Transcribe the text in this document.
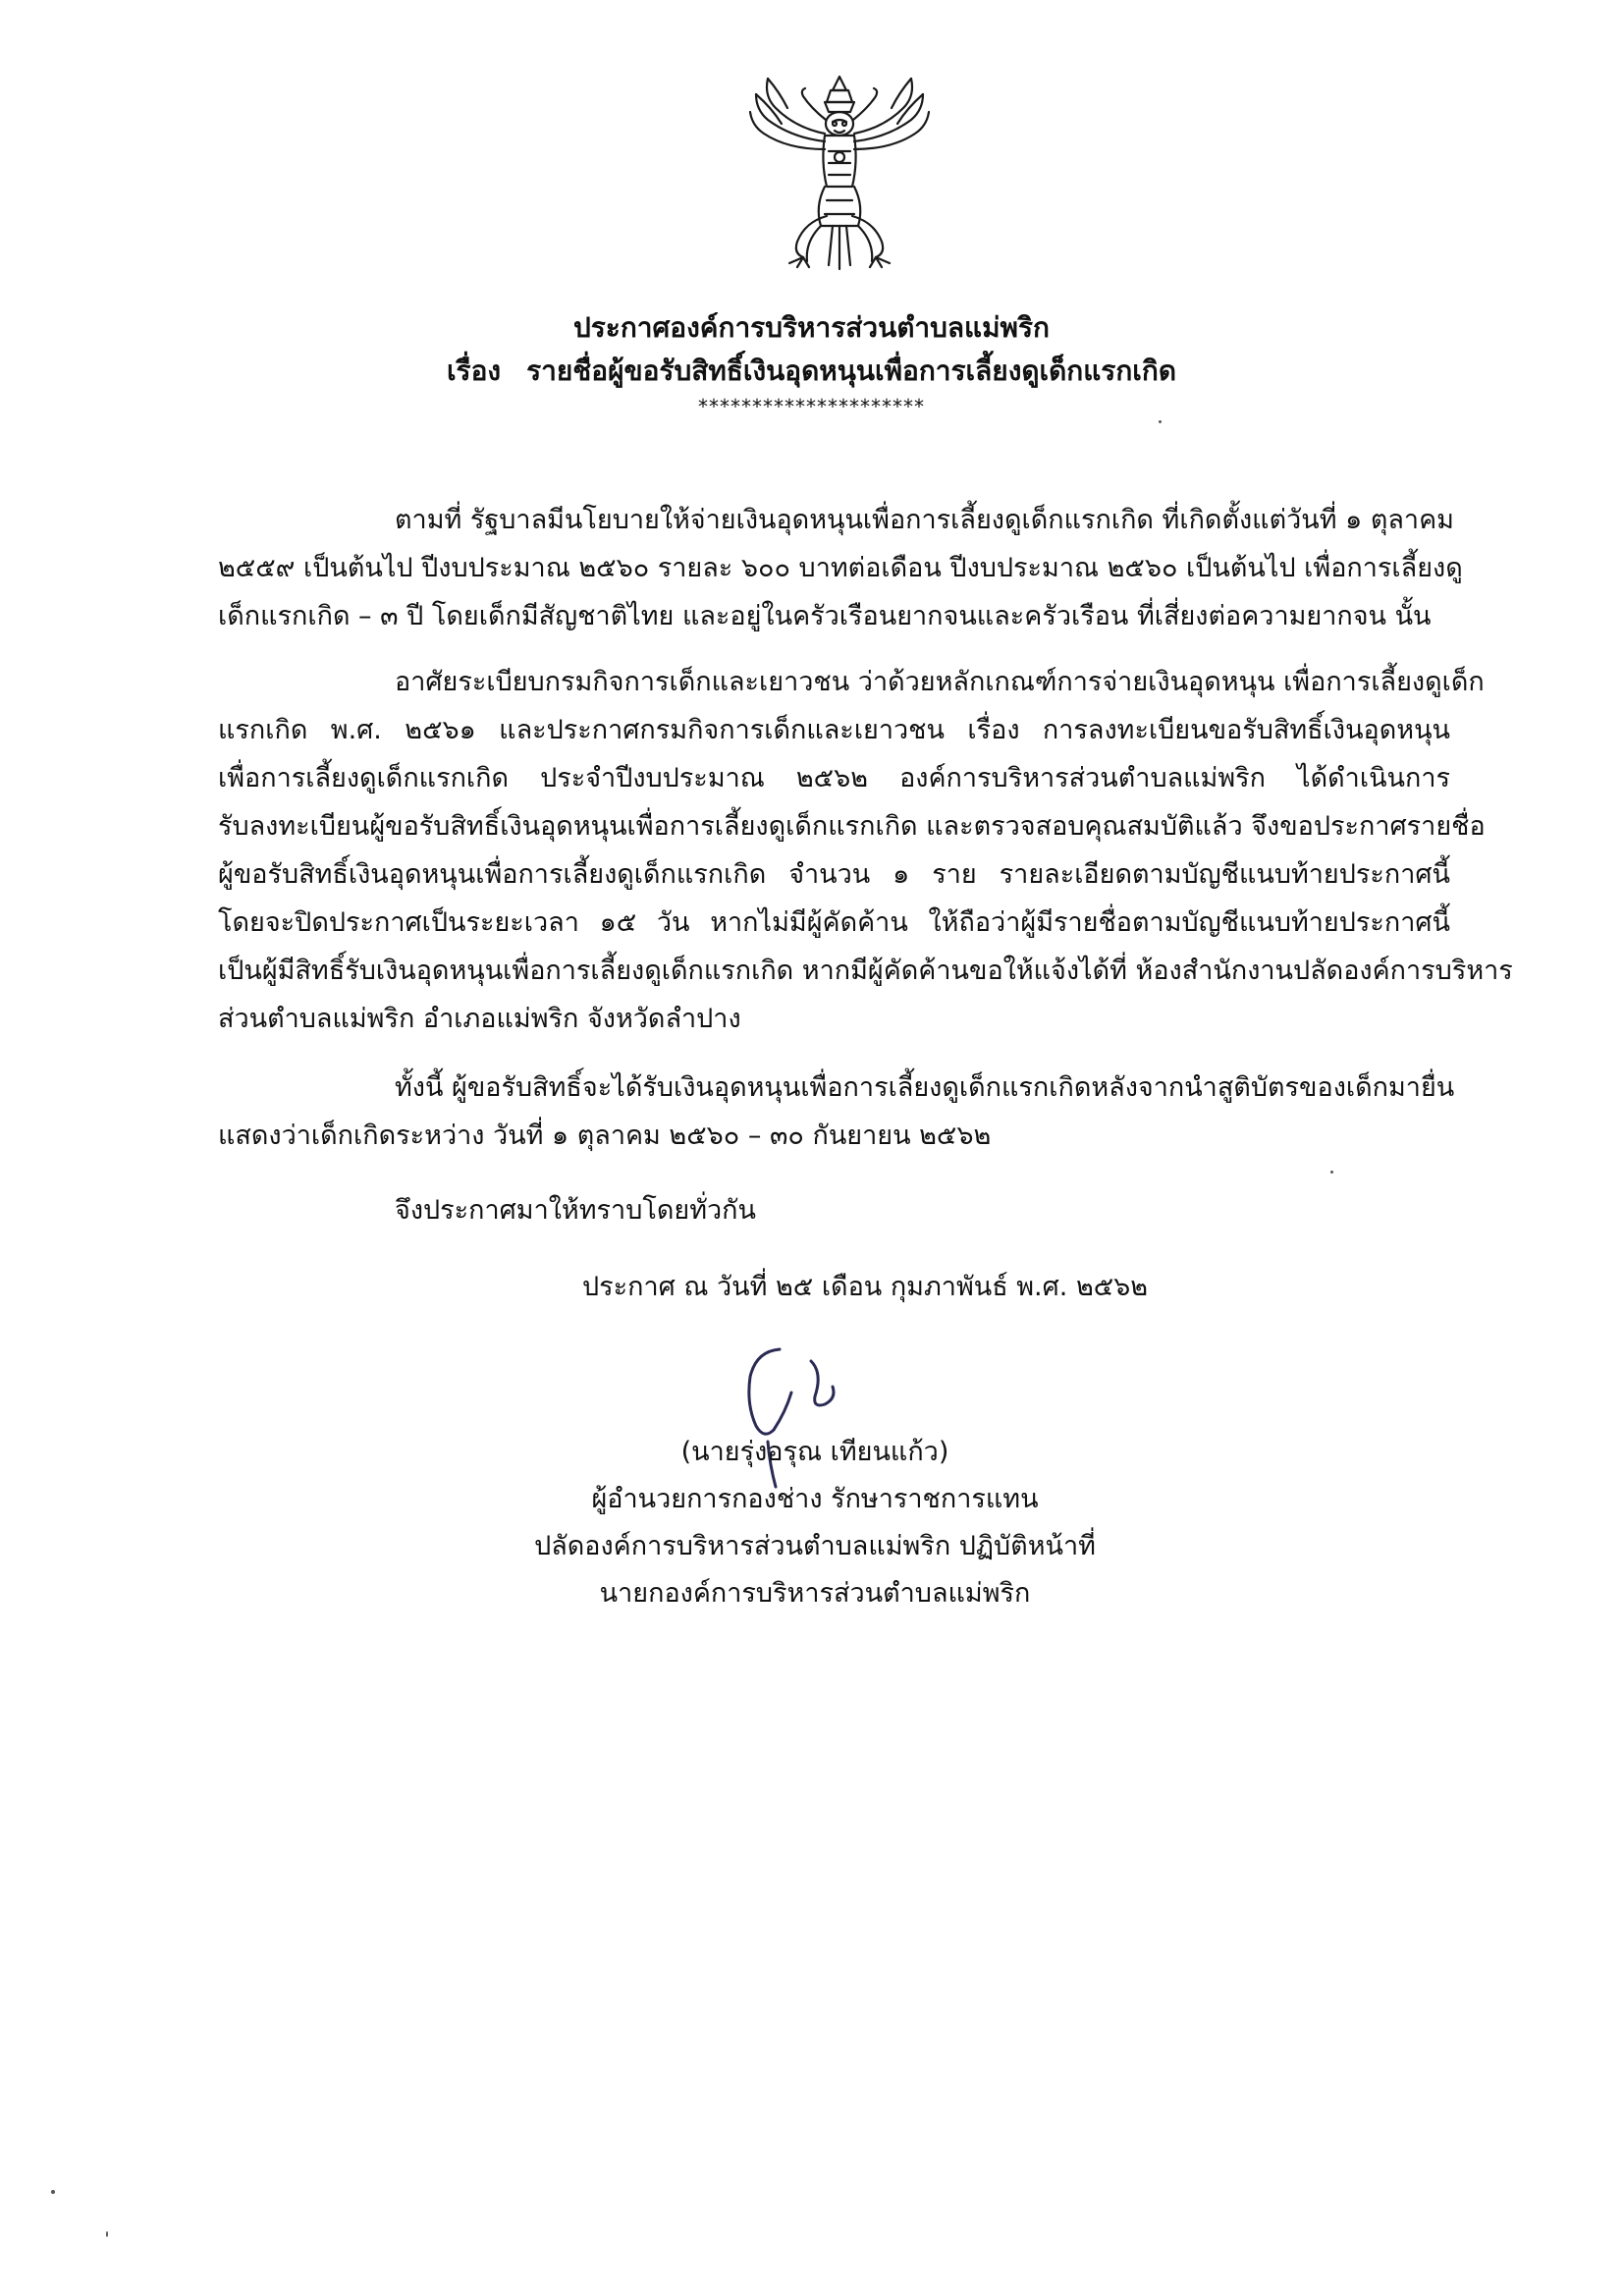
ประกาศองค์การบริหารส่วนตำบลแม่พริก
เรื่อง รายชื่อผู้ขอรับสิทธิ์เงินอุดหนุนเพื่อการเลี้ยงดูเด็กแรกเกิด
*********************
ตามที่ รัฐบาลมีนโยบายให้จ่ายเงินอุดหนุนเพื่อการเลี้ยงดูเด็กแรกเกิด ที่เกิดตั้งแต่วันที่ ๑ ตุลาคม
๒๕๕๙ เป็นต้นไป ปีงบประมาณ ๒๕๖๐ รายละ ๖๐๐ บาทต่อเดือน ปีงบประมาณ ๒๕๖๐ เป็นต้นไป เพื่อการเลี้ยงดู
เด็กแรกเกิด – ๓ ปี โดยเด็กมีสัญชาติไทย และอยู่ในครัวเรือนยากจนและครัวเรือน ที่เสี่ยงต่อความยากจน นั้น
อาศัยระเบียบกรมกิจการเด็กและเยาวชน ว่าด้วยหลักเกณฑ์การจ่ายเงินอุดหนุน เพื่อการเลี้ยงดูเด็ก
แรกเกิด พ.ศ. ๒๕๖๑ และประกาศกรมกิจการเด็กและเยาวชน เรื่อง การลงทะเบียนขอรับสิทธิ์เงินอุดหนุน
เพื่อการเลี้ยงดูเด็กแรกเกิด ประจำปีงบประมาณ ๒๕๖๒ องค์การบริหารส่วนตำบลแม่พริก ได้ดำเนินการ
รับลงทะเบียนผู้ขอรับสิทธิ์เงินอุดหนุนเพื่อการเลี้ยงดูเด็กแรกเกิด และตรวจสอบคุณสมบัติแล้ว จึงขอประกาศรายชื่อ
ผู้ขอรับสิทธิ์เงินอุดหนุนเพื่อการเลี้ยงดูเด็กแรกเกิด จำนวน ๑ ราย รายละเอียดตามบัญชีแนบท้ายประกาศนี้
โดยจะปิดประกาศเป็นระยะเวลา ๑๕ วัน หากไม่มีผู้คัดค้าน ให้ถือว่าผู้มีรายชื่อตามบัญชีแนบท้ายประกาศนี้
เป็นผู้มีสิทธิ์รับเงินอุดหนุนเพื่อการเลี้ยงดูเด็กแรกเกิด หากมีผู้คัดค้านขอให้แจ้งได้ที่ ห้องสำนักงานปลัดองค์การบริหาร
ส่วนตำบลแม่พริก อำเภอแม่พริก จังหวัดลำปาง
ทั้งนี้ ผู้ขอรับสิทธิ์จะได้รับเงินอุดหนุนเพื่อการเลี้ยงดูเด็กแรกเกิดหลังจากนำสูติบัตรของเด็กมายื่น
แสดงว่าเด็กเกิดระหว่าง วันที่ ๑ ตุลาคม ๒๕๖๐ – ๓๐ กันยายน ๒๕๖๒
จึงประกาศมาให้ทราบโดยทั่วกัน
ประกาศ ณ วันที่ ๒๕ เดือน กุมภาพันธ์ พ.ศ. ๒๕๖๒
(นายรุ่งอรุณ เทียนแก้ว)
ผู้อำนวยการกองช่าง รักษาราชการแทน
ปลัดองค์การบริหารส่วนตำบลแม่พริก ปฏิบัติหน้าที่
นายกองค์การบริหารส่วนตำบลแม่พริก
